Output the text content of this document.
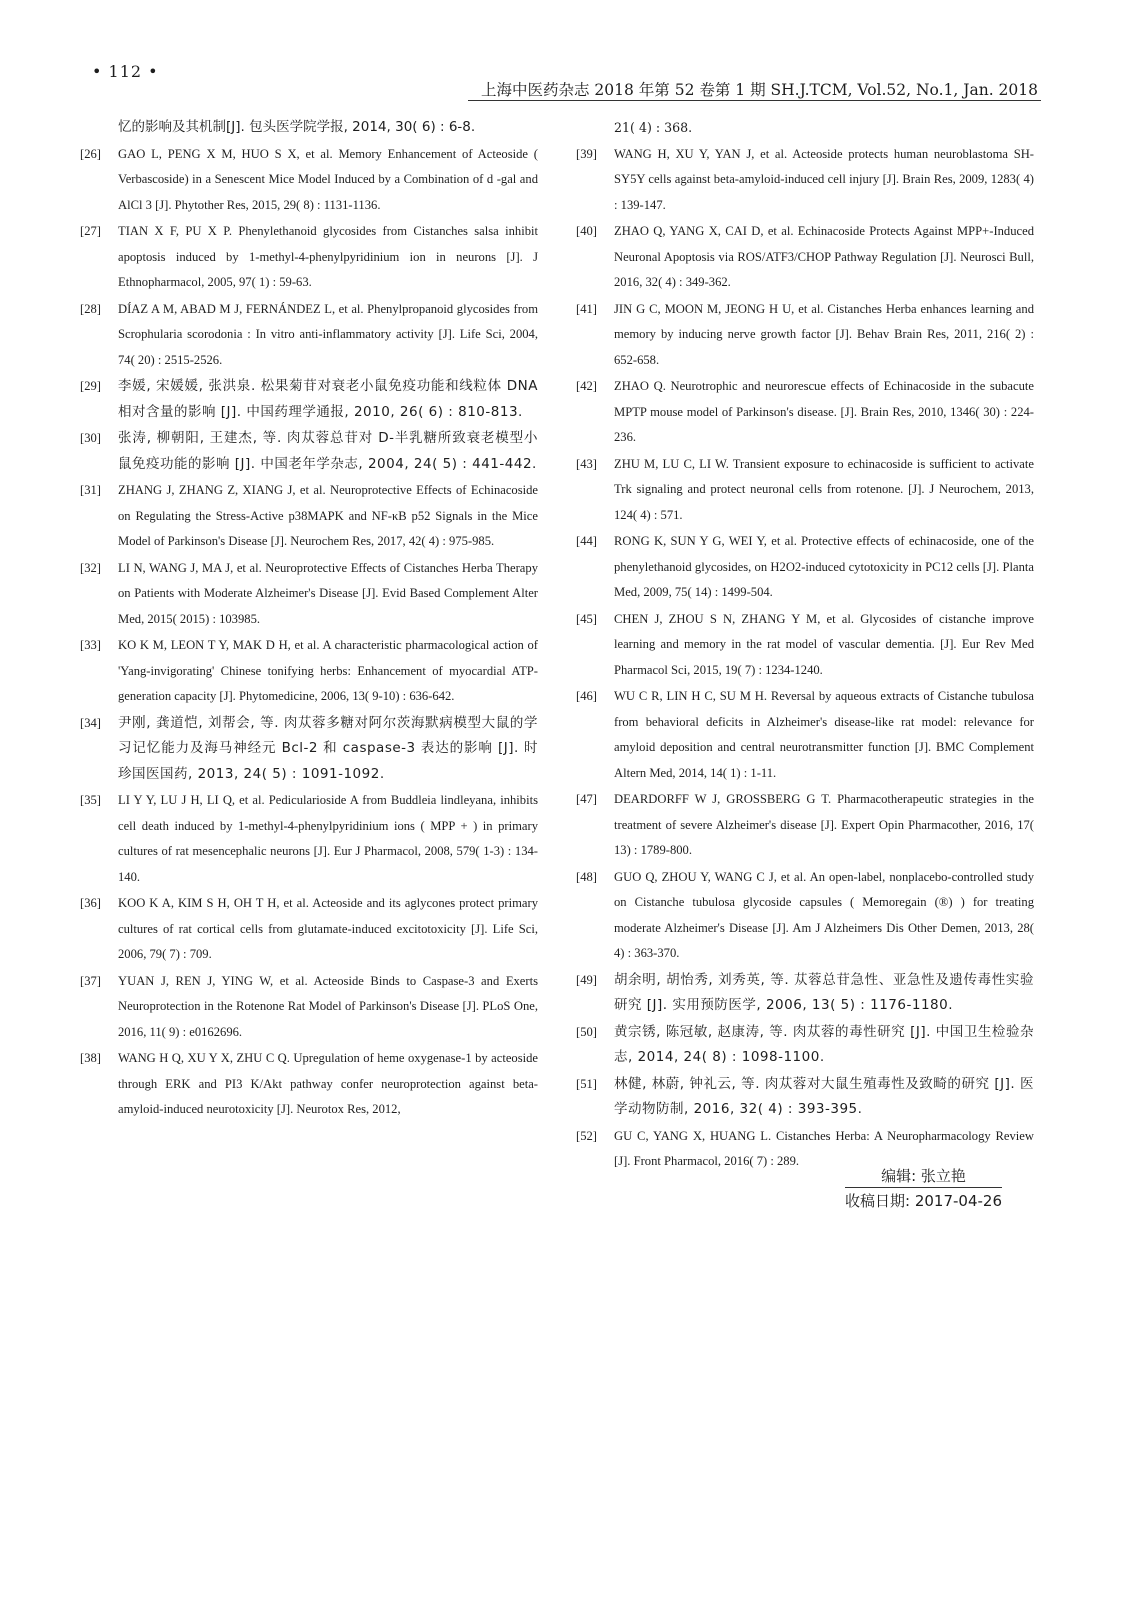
• 112 •
上海中医药杂志 2018 年第 52 卷第 1 期 SH.J.TCM, Vol.52, No.1, Jan. 2018
忆的影响及其机制[J]. 包头医学院学报, 2014, 30( 6) : 6-8.
[26]	GAO L, PENG X M, HUO S X, et al. Memory Enhancement of Acteoside ( Verbascoside) in a Senescent Mice Model Induced by a Combination of d -gal and AlCl 3 [J]. Phytother Res, 2015, 29( 8) : 1131-1136.
[27]	TIAN X F, PU X P. Phenylethanoid glycosides from Cistanches salsa inhibit apoptosis induced by 1-methyl-4-phenylpyridinium ion in neurons [J]. J Ethnopharmacol, 2005, 97( 1) : 59-63.
[28]	DÍAZ A M, ABAD M J, FERNÁNDEZ L, et al. Phenylpropanoid glycosides from Scrophularia scorodonia : In vitro anti-inflammatory activity [J]. Life Sci, 2004, 74( 20) : 2515-2526.
[29]	李媛, 宋媛媛, 张洪泉. 松果菊苷对衰老小鼠免疫功能和线粒体 DNA 相对含量的影响 [J]. 中国药理学通报, 2010, 26( 6) : 810-813.
[30]	张涛, 柳朝阳, 王建杰, 等. 肉苁蓉总苷对 D-半乳糖所致衰老模型小鼠免疫功能的影响 [J]. 中国老年学杂志, 2004, 24( 5) : 441-442.
[31]	ZHANG J, ZHANG Z, XIANG J, et al. Neuroprotective Effects of Echinacoside on Regulating the Stress-Active p38MAPK and NF-κB p52 Signals in the Mice Model of Parkinson's Disease [J]. Neurochem Res, 2017, 42( 4) : 975-985.
[32]	LI N, WANG J, MA J, et al. Neuroprotective Effects of Cistanches Herba Therapy on Patients with Moderate Alzheimer's Disease [J]. Evid Based Complement Alter Med, 2015( 2015) : 103985.
[33]	KO K M, LEON T Y, MAK D H, et al. A characteristic pharmacological action of 'Yang-invigorating' Chinese tonifying herbs: Enhancement of myocardial ATP-generation capacity [J]. Phytomedicine, 2006, 13( 9-10) : 636-642.
[34]	尹刚, 龚道恺, 刘帮会, 等. 肉苁蓉多糖对阿尔茨海默病模型大鼠的学习记忆能力及海马神经元 Bcl-2 和 caspase-3 表达的影响 [J]. 时珍国医国药, 2013, 24( 5) : 1091-1092.
[35]	LI Y Y, LU J H, LI Q, et al. Pedicularioside A from Buddleia lindleyana, inhibits cell death induced by 1-methyl-4-phenylpyridinium ions ( MPP + ) in primary cultures of rat mesencephalic neurons [J]. Eur J Pharmacol, 2008, 579( 1-3) : 134-140.
[36]	KOO K A, KIM S H, OH T H, et al. Acteoside and its aglycones protect primary cultures of rat cortical cells from glutamate-induced excitotoxicity [J]. Life Sci, 2006, 79( 7) : 709.
[37]	YUAN J, REN J, YING W, et al. Acteoside Binds to Caspase-3 and Exerts Neuroprotection in the Rotenone Rat Model of Parkinson's Disease [J]. PLoS One, 2016, 11( 9) : e0162696.
[38]	WANG H Q, XU Y X, ZHU C Q. Upregulation of heme oxygenase-1 by acteoside through ERK and PI3 K/Akt pathway confer neuroprotection against beta-amyloid-induced neurotoxicity [J]. Neurotox Res, 2012,
21( 4) : 368.
[39]	WANG H, XU Y, YAN J, et al. Acteoside protects human neuroblastoma SH-SY5Y cells against beta-amyloid-induced cell injury [J]. Brain Res, 2009, 1283( 4) : 139-147.
[40]	ZHAO Q, YANG X, CAI D, et al. Echinacoside Protects Against MPP+-Induced Neuronal Apoptosis via ROS/ATF3/CHOP Pathway Regulation [J]. Neurosci Bull, 2016, 32( 4) : 349-362.
[41]	JIN G C, MOON M, JEONG H U, et al. Cistanches Herba enhances learning and memory by inducing nerve growth factor [J]. Behav Brain Res, 2011, 216( 2) : 652-658.
[42]	ZHAO Q. Neurotrophic and neurorescue effects of Echinacoside in the subacute MPTP mouse model of Parkinson's disease. [J]. Brain Res, 2010, 1346( 30) : 224-236.
[43]	ZHU M, LU C, LI W. Transient exposure to echinacoside is sufficient to activate Trk signaling and protect neuronal cells from rotenone. [J]. J Neurochem, 2013, 124( 4) : 571.
[44]	RONG K, SUN Y G, WEI Y, et al. Protective effects of echinacoside, one of the phenylethanoid glycosides, on H2O2-induced cytotoxicity in PC12 cells [J]. Planta Med, 2009, 75( 14) : 1499-504.
[45]	CHEN J, ZHOU S N, ZHANG Y M, et al. Glycosides of cistanche improve learning and memory in the rat model of vascular dementia. [J]. Eur Rev Med Pharmacol Sci, 2015, 19( 7) : 1234-1240.
[46]	WU C R, LIN H C, SU M H. Reversal by aqueous extracts of Cistanche tubulosa from behavioral deficits in Alzheimer's disease-like rat model: relevance for amyloid deposition and central neurotransmitter function [J]. BMC Complement Altern Med, 2014, 14( 1) : 1-11.
[47]	DEARDORFF W J, GROSSBERG G T. Pharmacotherapeutic strategies in the treatment of severe Alzheimer's disease [J]. Expert Opin Pharmacother, 2016, 17( 13) : 1789-800.
[48]	GUO Q, ZHOU Y, WANG C J, et al. An open-label, nonplacebo-controlled study on Cistanche tubulosa glycoside capsules ( Memoregain (®) ) for treating moderate Alzheimer's Disease [J]. Am J Alzheimers Dis Other Demen, 2013, 28( 4) : 363-370.
[49]	胡余明, 胡怡秀, 刘秀英, 等. 苁蓉总苷急性、亚急性及遗传毒性实验研究 [J]. 实用预防医学, 2006, 13( 5) : 1176-1180.
[50]	黄宗锈, 陈冠敏, 赵康涛, 等. 肉苁蓉的毒性研究 [J]. 中国卫生检验杂志, 2014, 24( 8) : 1098-1100.
[51]	林健, 林蔚, 钟礼云, 等. 肉苁蓉对大鼠生殖毒性及致畸的研究 [J]. 医学动物防制, 2016, 32( 4) : 393-395.
[52]	GU C, YANG X, HUANG L. Cistanches Herba: A Neuropharmacology Review [J]. Front Pharmacol, 2016( 7) : 289.
编辑: 张立艳
收稿日期: 2017-04-26
